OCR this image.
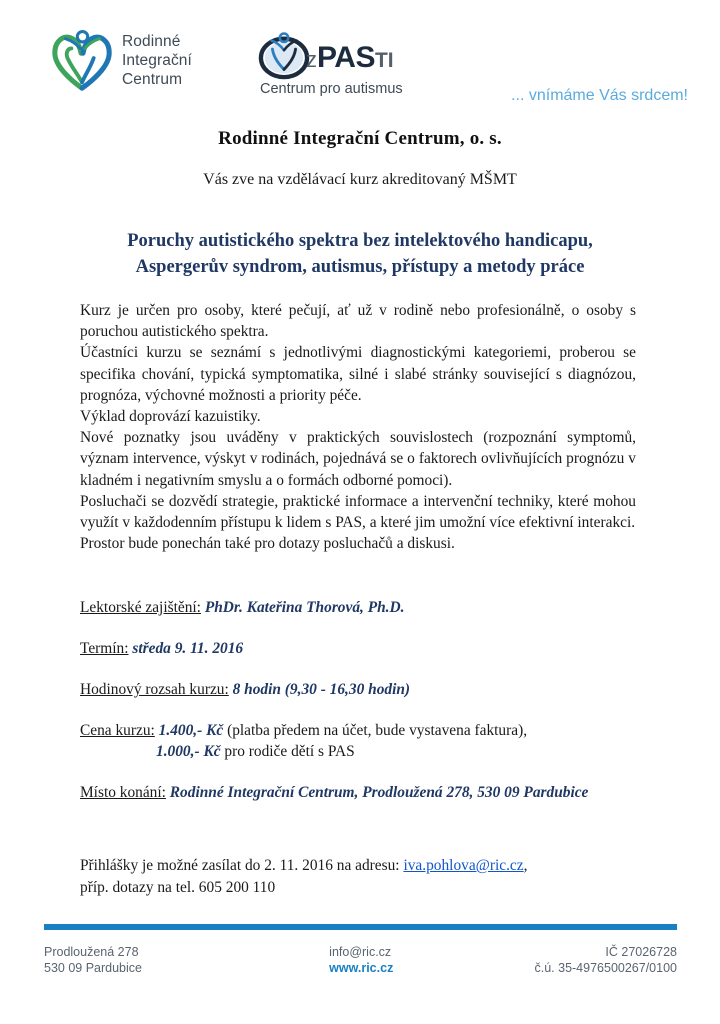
Rodinné
Integrační
Centrum
zPASTI
Centrum pro autismus	... vnímáme Vás srdcem!
Rodinné Integrační Centrum, o. s.
Vás zve na vzdělávací kurz akreditovaný MŠMT
Poruchy autistického spektra bez intelektového handicapu,
Aspergerův syndrom, autismus, přístupy a metody práce

Kurz je určen pro osoby, které pečují, ať už v rodině nebo profesionálně, o osoby s poruchou autistického spektra.

Účastníci kurzu se seznámí s jednotlivými diagnostickými kategoriemi, proberou se specifika chování, typická symptomatika, silné i slabé stránky související s diagnózou, prognóza, výchovné možnosti a priority péče.

Výklad doprovází kazuistiky.

Nové poznatky jsou uváděny v praktických souvislostech (rozpoznání symptomů, význam intervence, výskyt v rodinách, pojednává se o faktorech ovlivňujících prognózu v kladném i negativním smyslu a o formách odborné pomoci).

Posluchači se dozvědí strategie, praktické informace a intervenční techniky, které mohou využít v každodenním přístupu k lidem s PAS, a které jim umožní více efektivní interakci.

Prostor bude ponechán také pro dotazy posluchačů a diskusi.

Lektorské zajištění: PhDr. Kateřina Thorová, Ph.D.
Termín: středa 9. 11. 2016
Hodinový rozsah kurzu: 8 hodin (9,30 - 16,30 hodin)
Cena kurzu: 1.400,- Kč (platba předem na účet, bude vystavena faktura),
1.000,- Kč pro rodiče dětí s PAS
Místo konání: Rodinné Integrační Centrum, Prodloužená 278, 530 09 Pardubice
Přihlášky je možné zasílat do 2. 11. 2016 na adresu: iva.pohlova@ric.cz,
příp. dotazy na tel. 605 200 110
Prodloužená 278
530 09 Pardubice
info@ric.cz
www.ric.cz
IČ 27026728
č.ú. 35-4976500267/0100
